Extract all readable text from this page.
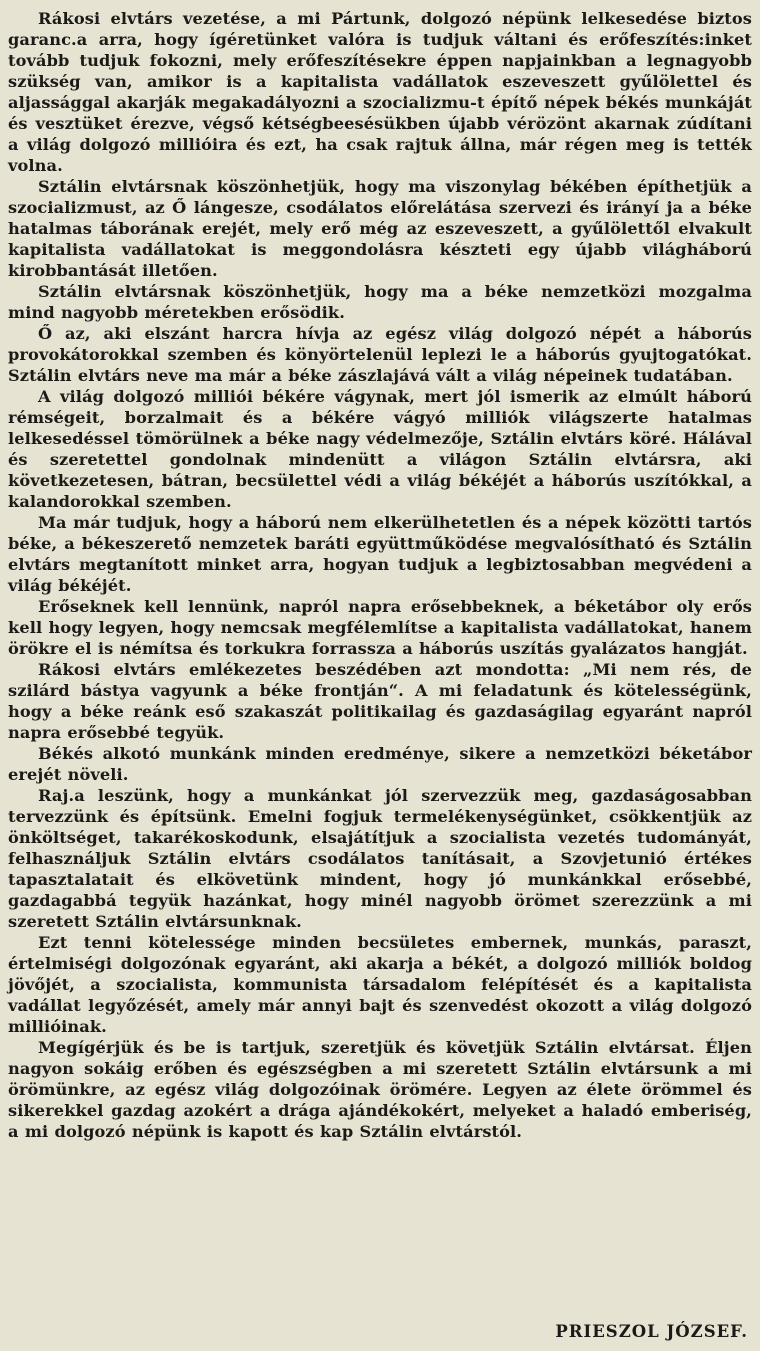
Rákosi elvtárs vezetése, a mi Pártunk, dolgozó népünk lelkesedése biztos garanc.a arra, hogy ígéretünket valóra is tudjuk váltani és erőfeszítés:inket tovább tudjuk fokozni, mely erőfeszítésekre éppen napjainkban a legnagyobb szükség van, amikor is a kapitalista vadállatok eszeveszett gyűlölettel és aljassággal akarják megakadályozni a szocializmu-t építő népek békés munkáját és vesztüket érezve, végső kétségbeesésükben újabb vérözönt akarnak zúdítani a világ dolgozó millióira és ezt, ha csak rajtuk állna, már régen meg is tették volna.

Sztálin elvtársnak köszönhetjük, hogy ma viszonylag békében építhetjük a szocializmust, az Ő lángesze, csodálatos előrelátása szervezi és irányí ja a béke hatalmas táborának erejét, mely erő még az eszeveszett, a gyűlölettől elvakult kapitalista vadállatokat is meggondolásra készteti egy újabb világháború kirobbantását illetően.

Sztálin elvtársnak köszönhetjük, hogy ma a béke nemzetközi mozgalma mind nagyobb méretekben erősödik.

Ő az, aki elszánt harcra hívja az egész világ dolgozó népét a háborús provokátorokkal szemben és könyörtelenül leplezi le a háborús gyujtogatókat. Sztálin elvtárs neve ma már a béke zászlajává vált a világ népeinek tudatában.

A világ dolgozó milliói békére vágynak, mert jól ismerik az elmúlt háború rémségeit, borzalmait és a békére vágyó milliók világszerte hatalmas lelkesedéssel tömörülnek a béke nagy védelmezője, Sztálin elvtárs köré. Hálával és szeretettel gondolnak mindenütt a világon Sztálin elvtársra, aki következetesen, bátran, becsülettel védi a világ békéjét a háborús uszítókkal, a kalandorokkal szemben.

Ma már tudjuk, hogy a háború nem elkerülhetetlen és a népek közötti tartós béke, a békeszerető nemzetek baráti együttműködése megvalósítható és Sztálin elvtárs megtanított minket arra, hogyan tudjuk a legbiztosabban megvédeni a világ békéjét.

Erőseknek kell lennünk, napról napra erősebbeknek, a béketábor oly erős kell hogy legyen, hogy nemcsak megfélemlítse a kapitalista vadállatokat, hanem örökre el is némítsa és torkukra forrassza a háborús uszítás gyalázatos hangját.

Rákosi elvtárs emlékezetes beszédében azt mondotta: „Mi nem rés, de szilárd bástya vagyunk a béke frontján“. A mi feladatunk és kötelességünk, hogy a béke reánk eső szakaszát politikailag és gazdaságilag egyaránt napról napra erősebbé tegyük.

Békés alkotó munkánk minden eredménye, sikere a nemzetközi béketábor erejét növeli.

Raj.a leszünk, hogy a munkánkat jól szervezzük meg, gazdaságosabban tervezzünk és építsünk. Emelni fogjuk termelékenységünket, csökkentjük az önköltséget, takarékoskodunk, elsajátítjuk a szocialista vezetés tudományát, felhasználjuk Sztálin elvtárs csodálatos tanításait, a Szovjetunió értékes tapasztalatait és elkövetünk mindent, hogy jó munkánkkal erősebbé, gazdagabbá tegyük hazánkat, hogy minél nagyobb örömet szerezzünk a mi szeretett Sztálin elvtársunknak.

Ezt tenni kötelessége minden becsületes embernek, munkás, paraszt, értelmiségi dolgozónak egyaránt, aki akarja a békét, a dolgozó milliók boldog jövőjét, a szocialista, kommunista társadalom felépítését és a kapitalista vadállat legyőzését, amely már annyi bajt és szenvedést okozott a világ dolgozó millióinak.

Megígérjük és be is tartjuk, szeretjük és követjük Sztálin elvtársat. Éljen nagyon sokáig erőben és egészségben a mi szeretett Sztálin elvtársunk a mi örömünkre, az egész világ dolgozóinak örömére. Legyen az élete örömmel és sikerekkel gazdag azokért a drága ajándékokért, melyeket a haladó emberiség, a mi dolgozó népünk is kapott és kap Sztálin elvtárstól.

PRIESZOL JÓZSEF.
